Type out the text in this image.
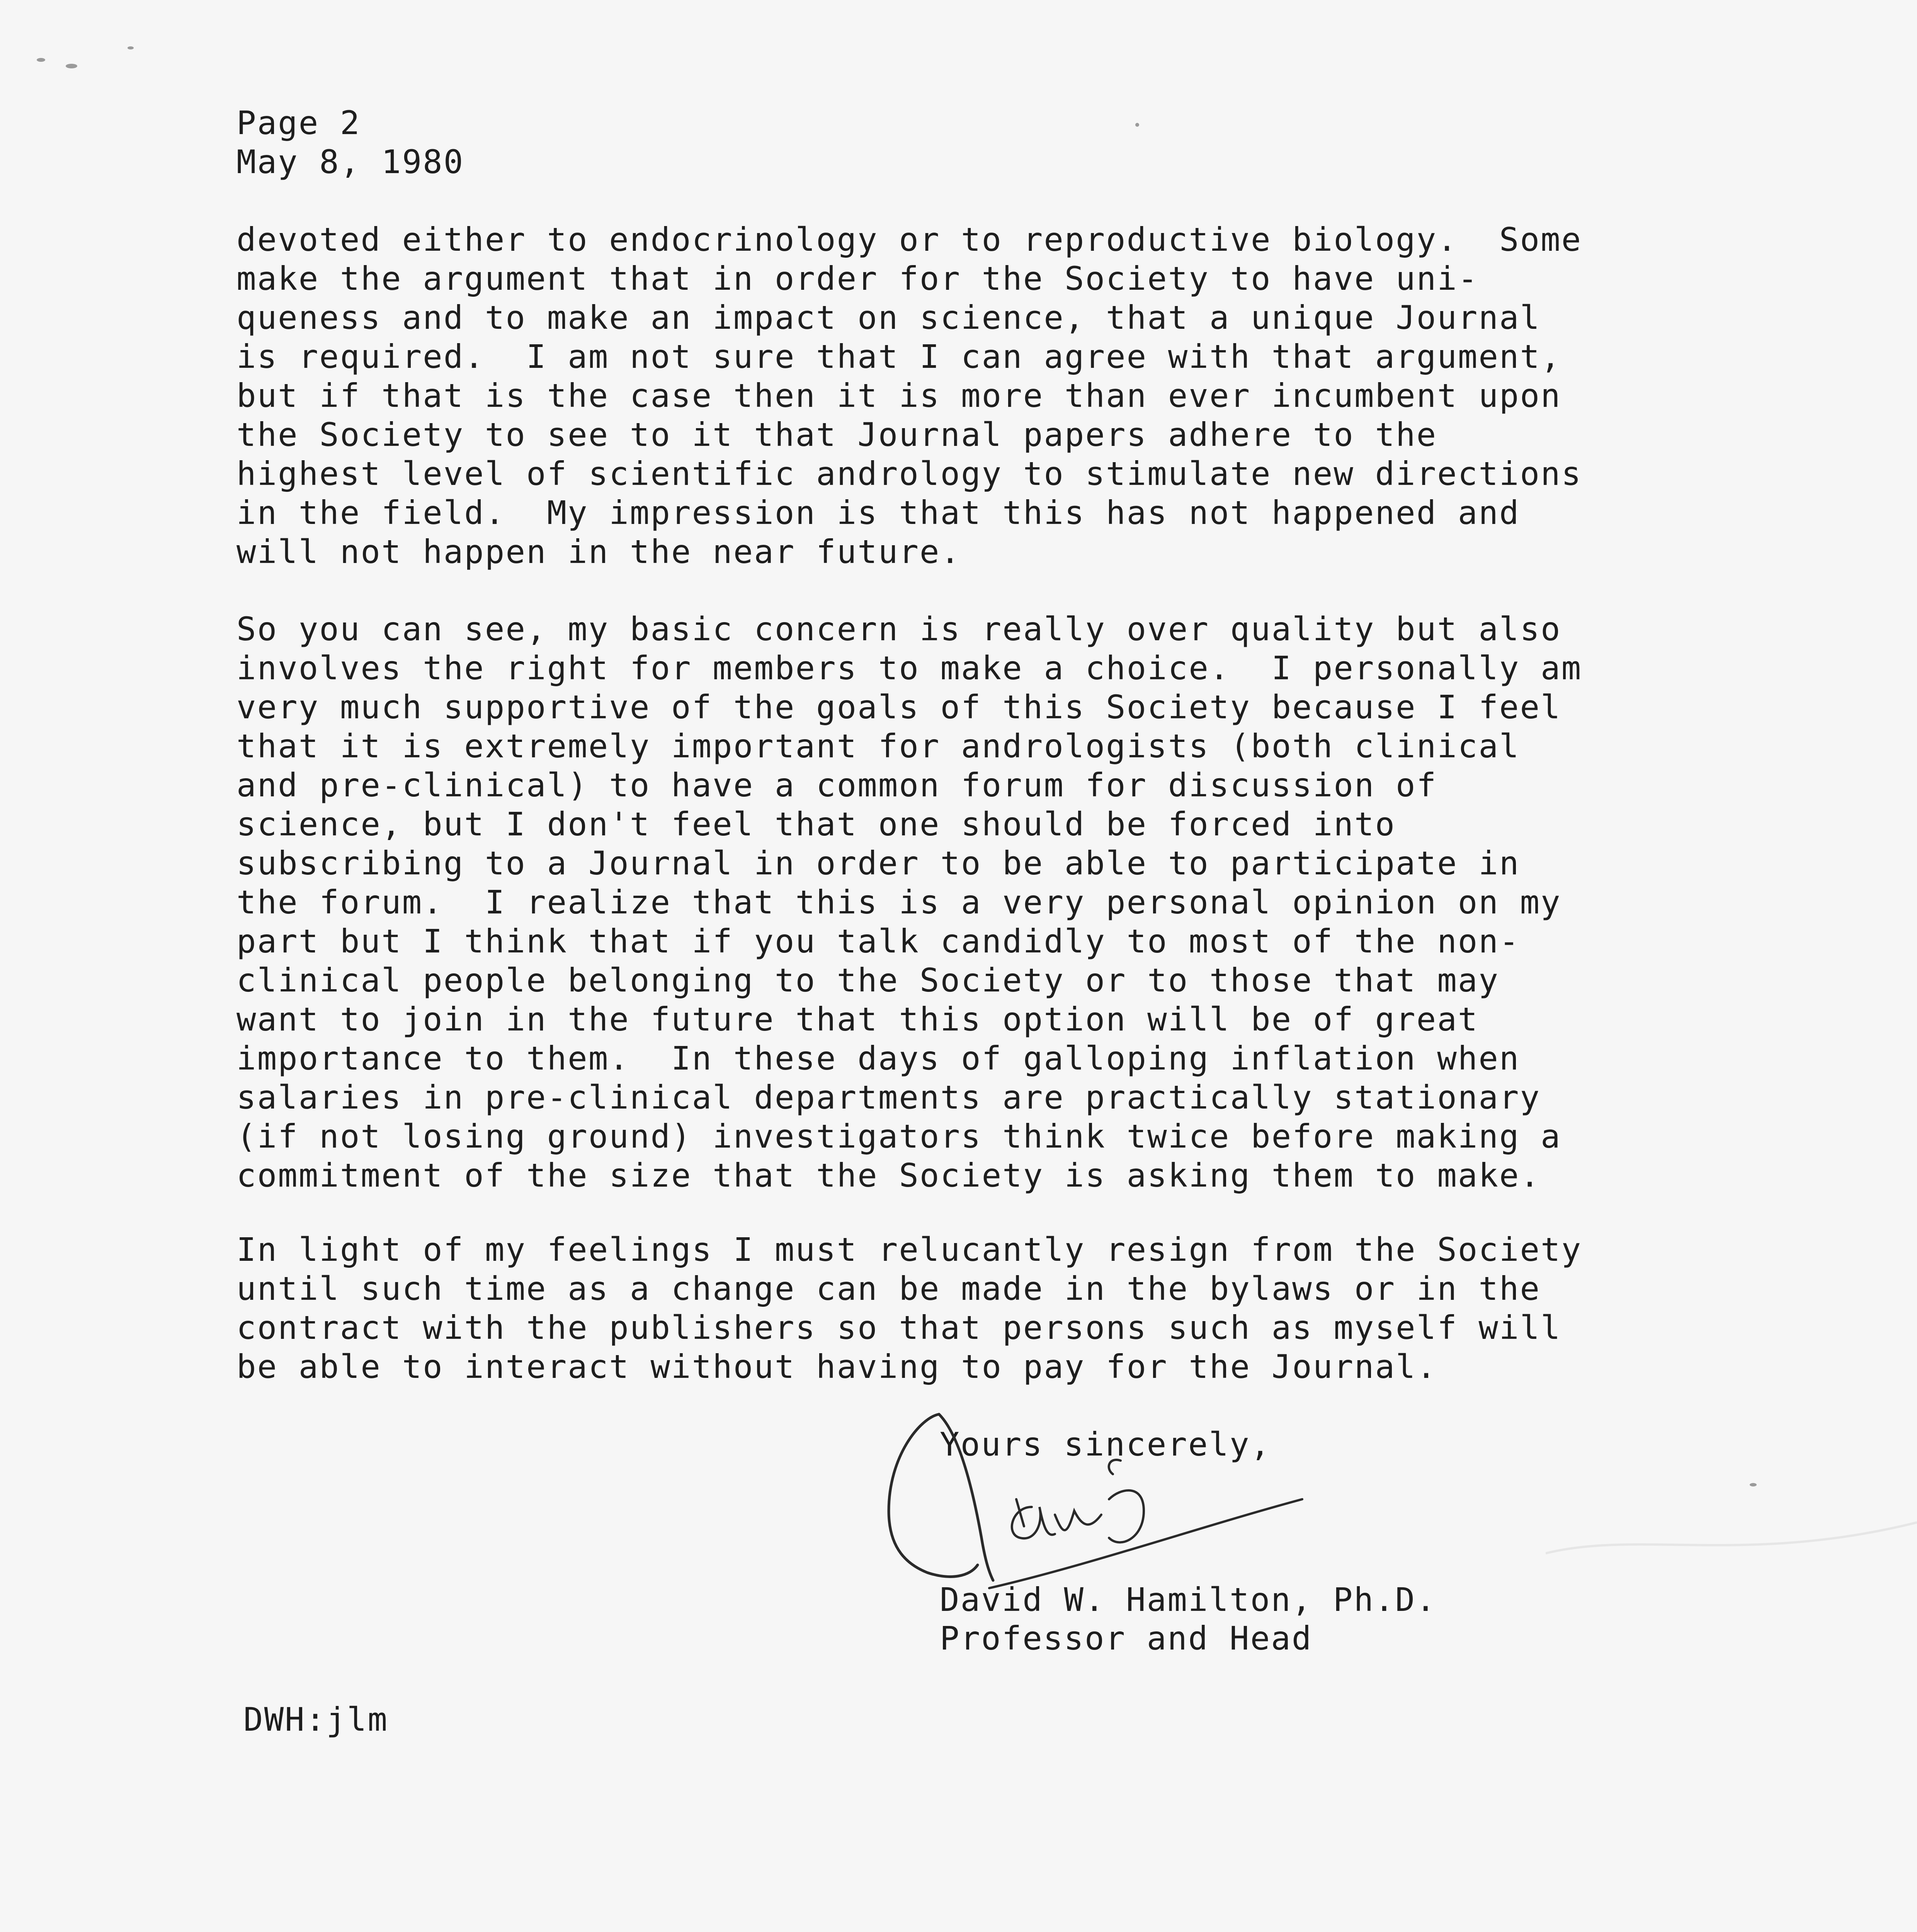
Page 2
May 8, 1980
devoted either to endocrinology or to reproductive biology.  Some
make the argument that in order for the Society to have uni-
queness and to make an impact on science, that a unique Journal
is required.  I am not sure that I can agree with that argument,
but if that is the case then it is more than ever incumbent upon
the Society to see to it that Journal papers adhere to the
highest level of scientific andrology to stimulate new directions
in the field.  My impression is that this has not happened and
will not happen in the near future.
So you can see, my basic concern is really over quality but also
involves the right for members to make a choice.  I personally am
very much supportive of the goals of this Society because I feel
that it is extremely important for andrologists (both clinical
and pre-clinical) to have a common forum for discussion of
science, but I don't feel that one should be forced into
subscribing to a Journal in order to be able to participate in
the forum.  I realize that this is a very personal opinion on my
part but I think that if you talk candidly to most of the non-
clinical people belonging to the Society or to those that may
want to join in the future that this option will be of great
importance to them.  In these days of galloping inflation when
salaries in pre-clinical departments are practically stationary
(if not losing ground) investigators think twice before making a
commitment of the size that the Society is asking them to make.
In light of my feelings I must relucantly resign from the Society
until such time as a change can be made in the bylaws or in the
contract with the publishers so that persons such as myself will
be able to interact without having to pay for the Journal.
Yours sincerely,
David W. Hamilton, Ph.D.
Professor and Head
DWH:jlm
